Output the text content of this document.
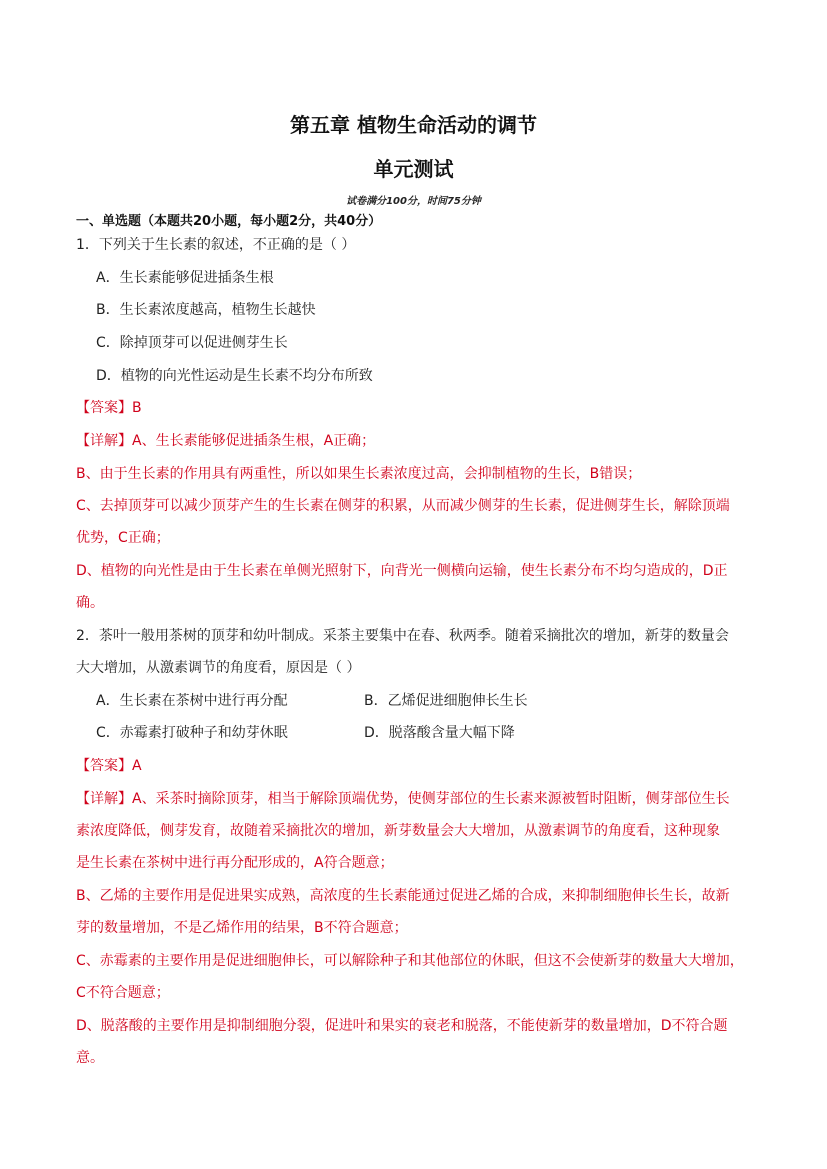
第五章 植物生命活动的调节
单元测试
试卷满分100分，时间75分钟
一、单选题（本题共20小题，每小题2分，共40分）
1．下列关于生长素的叙述，不正确的是（ ）
A．生长素能够促进插条生根
B．生长素浓度越高，植物生长越快
C．除掉顶芽可以促进侧芽生长
D．植物的向光性运动是生长素不均分布所致
【答案】B
【详解】A、生长素能够促进插条生根，A正确；
B、由于生长素的作用具有两重性，所以如果生长素浓度过高，会抑制植物的生长，B错误；
C、去掉顶芽可以减少顶芽产生的生长素在侧芽的积累，从而减少侧芽的生长素，促进侧芽生长，解除顶端
优势，C正确；
D、植物的向光性是由于生长素在单侧光照射下，向背光一侧横向运输，使生长素分布不均匀造成的，D正
确。
2．茶叶一般用茶树的顶芽和幼叶制成。采茶主要集中在春、秋两季。随着采摘批次的增加，新芽的数量会
大大增加，从激素调节的角度看，原因是（ ）
A．生长素在茶树中进行再分配	B．乙烯促进细胞伸长生长
C．赤霉素打破种子和幼芽休眠	D．脱落酸含量大幅下降
【答案】A
【详解】A、采茶时摘除顶芽，相当于解除顶端优势，使侧芽部位的生长素来源被暂时阻断，侧芽部位生长
素浓度降低，侧芽发育，故随着采摘批次的增加，新芽数量会大大增加，从激素调节的角度看，这种现象
是生长素在茶树中进行再分配形成的，A符合题意；
B、乙烯的主要作用是促进果实成熟，高浓度的生长素能通过促进乙烯的合成，来抑制细胞伸长生长，故新
芽的数量增加，不是乙烯作用的结果，B不符合题意；
C、赤霉素的主要作用是促进细胞伸长，可以解除种子和其他部位的休眠，但这不会使新芽的数量大大增加，
C不符合题意；
D、脱落酸的主要作用是抑制细胞分裂，促进叶和果实的衰老和脱落，不能使新芽的数量增加，D不符合题
意。
